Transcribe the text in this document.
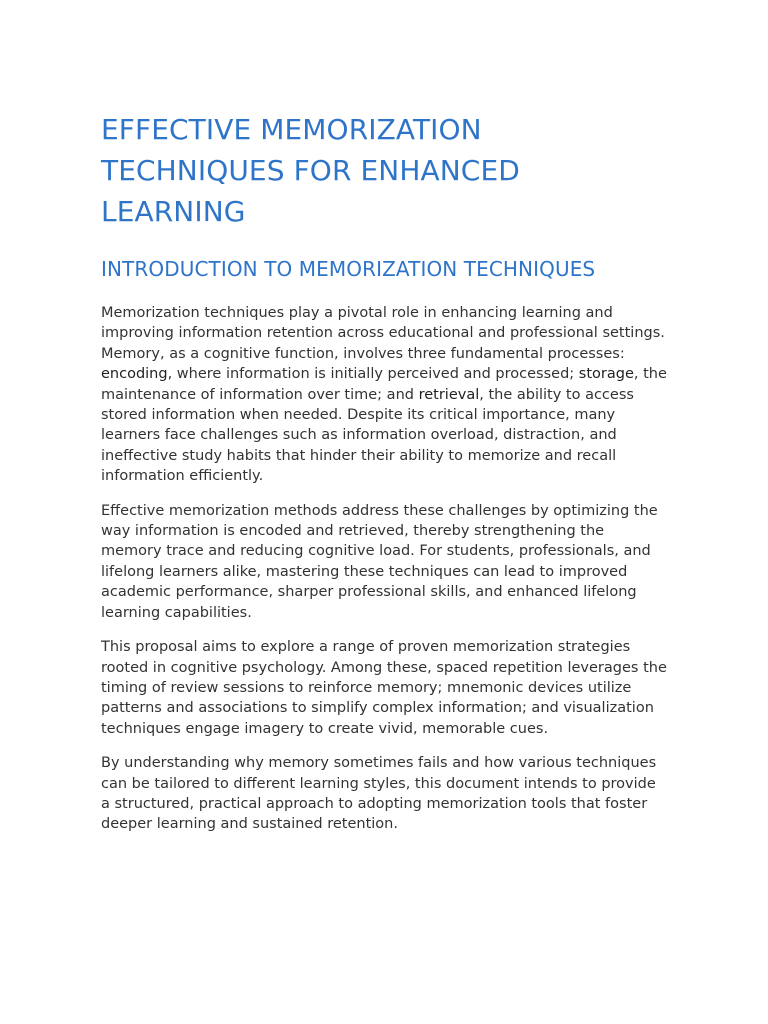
EFFECTIVE MEMORIZATION TECHNIQUES FOR ENHANCED LEARNING
INTRODUCTION TO MEMORIZATION TECHNIQUES

Memorization techniques play a pivotal role in enhancing learning and improving information retention across educational and professional settings. Memory, as a cognitive function, involves three fundamental processes: encoding, where information is initially perceived and processed; storage, the maintenance of information over time; and retrieval, the ability to access stored information when needed. Despite its critical importance, many learners face challenges such as information overload, distraction, and ineffective study habits that hinder their ability to memorize and recall information efficiently.

Effective memorization methods address these challenges by optimizing the way information is encoded and retrieved, thereby strengthening the memory trace and reducing cognitive load. For students, professionals, and lifelong learners alike, mastering these techniques can lead to improved academic performance, sharper professional skills, and enhanced lifelong learning capabilities.

This proposal aims to explore a range of proven memorization strategies rooted in cognitive psychology. Among these, spaced repetition leverages the timing of review sessions to reinforce memory; mnemonic devices utilize patterns and associations to simplify complex information; and visualization techniques engage imagery to create vivid, memorable cues.

By understanding why memory sometimes fails and how various techniques can be tailored to different learning styles, this document intends to provide a structured, practical approach to adopting memorization tools that foster deeper learning and sustained retention.
